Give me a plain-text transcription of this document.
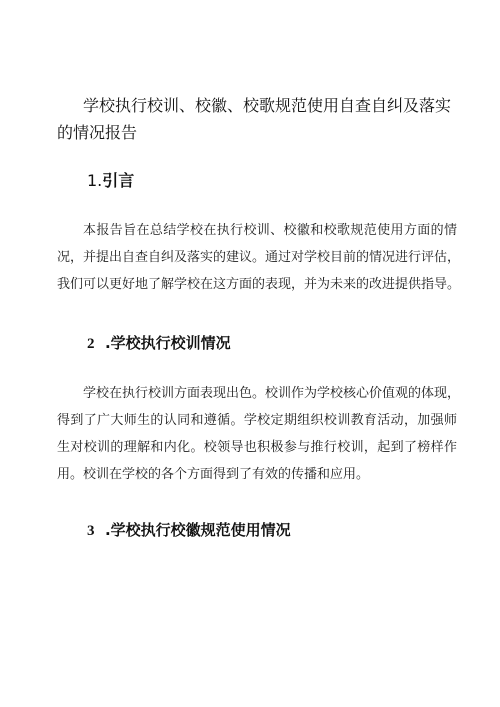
学校执行校训、校徽、校歌规范使用自查自纠及落实的情况报告
1.引言

本报告旨在总结学校在执行校训、校徽和校歌规范使用方面的情
况，并提出自查自纠及落实的建议。通过对学校目前的情况进行评估，
我们可以更好地了解学校在这方面的表现，并为未来的改进提供指导。

2 .学校执行校训情况

学校在执行校训方面表现出色。校训作为学校核心价值观的体现，
得到了广大师生的认同和遵循。学校定期组织校训教育活动，加强师
生对校训的理解和内化。校领导也积极参与推行校训，起到了榜样作
用。校训在学校的各个方面得到了有效的传播和应用。

3 .学校执行校徽规范使用情况
